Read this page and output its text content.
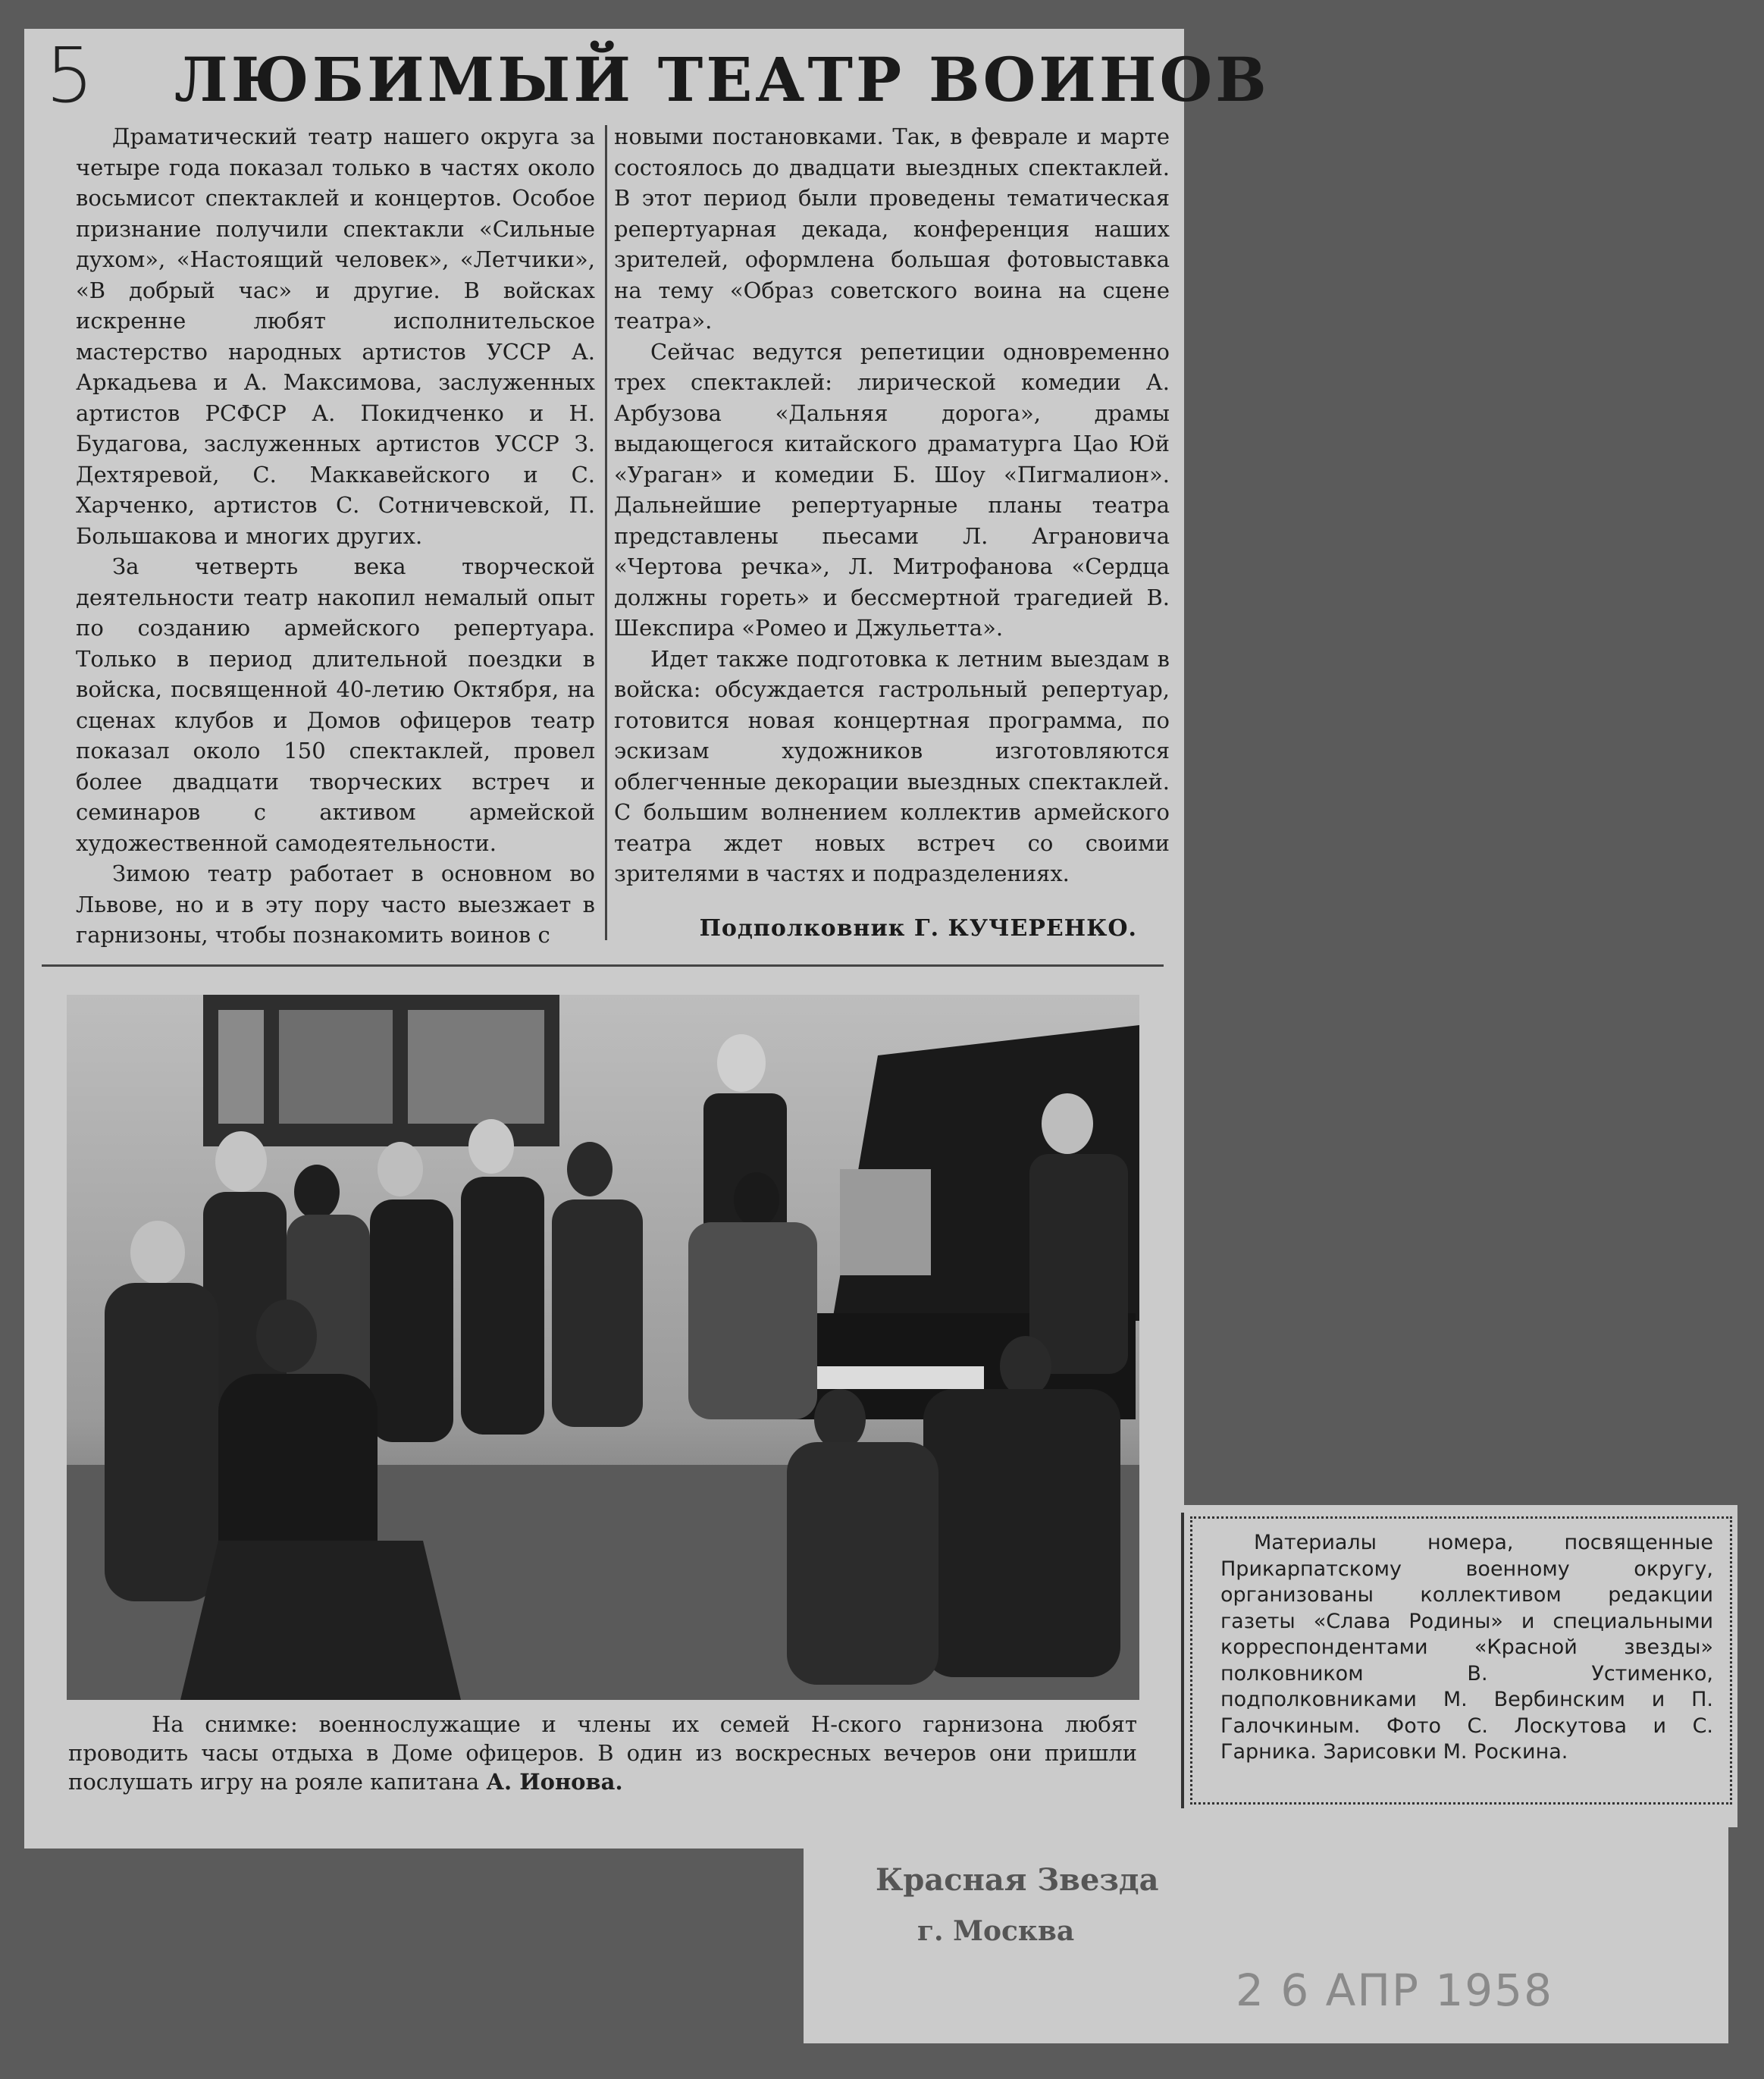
5	ЛЮБИМЫЙ ТЕАТР ВОИНОВ

Драматический театр нашего округа за четыре года показал только в частях около восьмисот спектаклей и концертов. Особое признание получили спектакли «Сильные духом», «Настоящий человек», «Летчики», «В добрый час» и другие. В войсках искренне любят исполнительское мастерство народных артистов УССР А. Аркадьева и А. Максимова, заслуженных артистов РСФСР А. Покидченко и Н. Будагова, заслуженных артистов УССР З. Дехтяревой, С. Маккавейского и С. Харченко, артистов С. Сотничевской, П. Большакова и многих других.

За четверть века творческой деятельности театр накопил немалый опыт по созданию армейского репертуара. Только в период длительной поездки в войска, посвященной 40-летию Октября, на сценах клубов и Домов офицеров театр показал около 150 спектаклей, провел более двадцати творческих встреч и семинаров с активом армейской художественной самодеятельности.

Зимою театр работает в основном во Львове, но и в эту пору часто выезжает в гарнизоны, чтобы познакомить воинов с

новыми постановками. Так, в феврале и марте состоялось до двадцати выездных спектаклей. В этот период были проведены тематическая репертуарная декада, конференция наших зрителей, оформлена большая фотовыставка на тему «Образ советского воина на сцене театра».

Сейчас ведутся репетиции одновременно трех спектаклей: лирической комедии А. Арбузова «Дальняя дорога», драмы выдающегося китайского драматурга Цао Юй «Ураган» и комедии Б. Шоу «Пигмалион». Дальнейшие репертуарные планы театра представлены пьесами Л. Аграновича «Чертова речка», Л. Митрофанова «Сердца должны гореть» и бессмертной трагедией В. Шекспира «Ромео и Джульетта».

Идет также подготовка к летним выездам в войска: обсуждается гастрольный репертуар, готовится новая концертная программа, по эскизам художников изготовляются облегченные декорации выездных спектаклей. С большим волнением коллектив армейского театра ждет новых встреч со своими зрителями в частях и подразделениях.

Подполковник Г. КУЧЕРЕНКО.
На снимке: военнослужащие и члены их семей Н-ского гарнизона любят проводить часы отдыха в Доме офицеров. В один из воскресных вечеров они пришли послушать игру на рояле капитана А. Ионова.
Материалы номера, посвященные Прикарпатскому военному округу, организованы коллективом редакции газеты «Слава Родины» и специальными корреспондентами «Красной звезды» полковником В. Устименко, подполковниками М. Вербинским и П. Галочкиным. Фото С. Лоскутова и С. Гарника. Зарисовки М. Роскина.
Красная Звезда
г. Москва
2 6 АПР 1958
